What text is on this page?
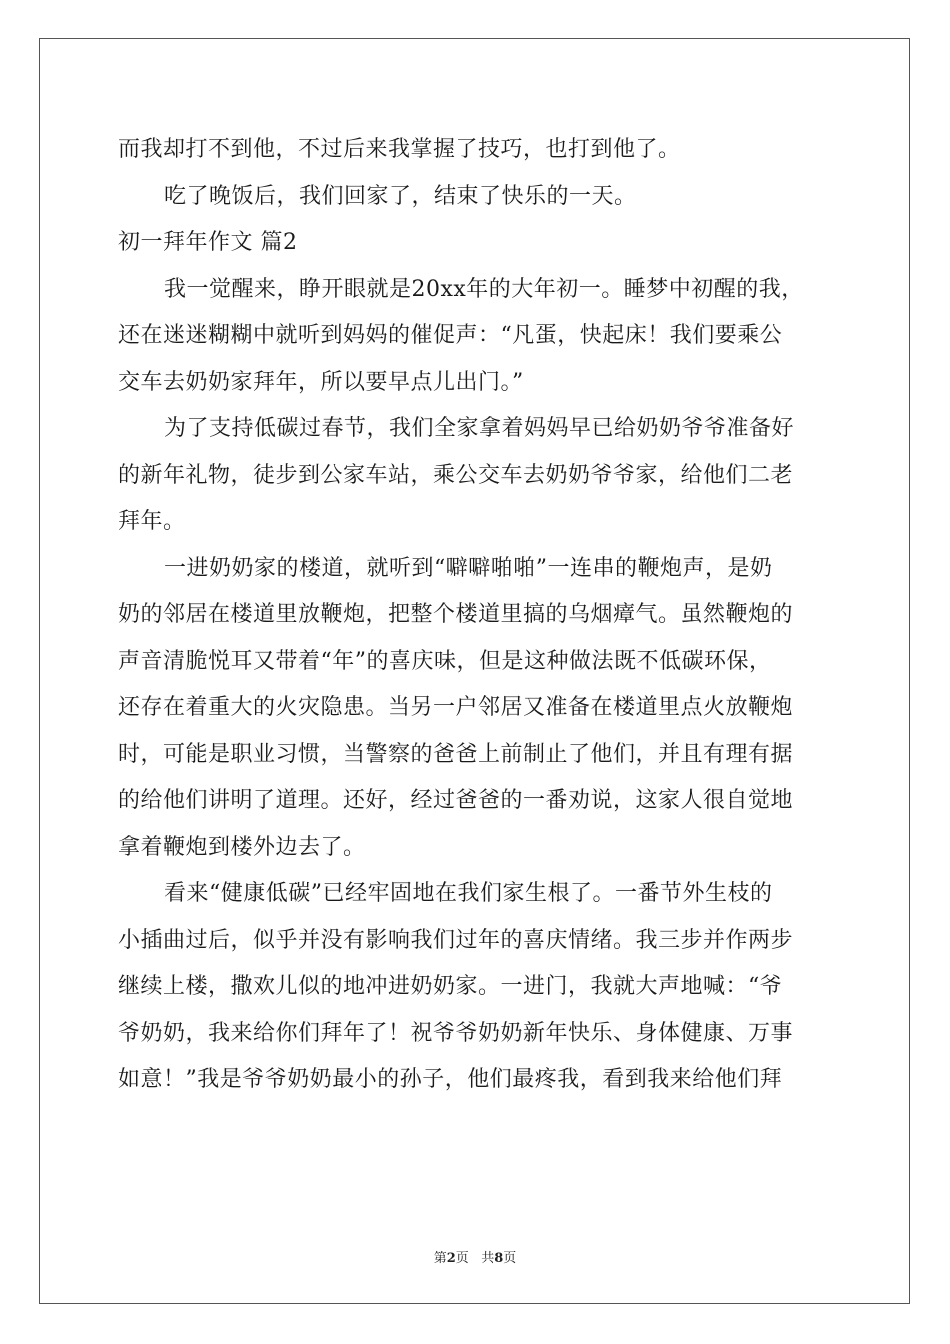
而我却打不到他，不过后来我掌握了技巧，也打到他了。
吃了晚饭后，我们回家了，结束了快乐的一天。
初一拜年作文 篇2
我一觉醒来，睁开眼就是20xx年的大年初一。睡梦中初醒的我，
还在迷迷糊糊中就听到妈妈的催促声：“凡蛋，快起床！我们要乘公
交车去奶奶家拜年，所以要早点儿出门。”
为了支持低碳过春节，我们全家拿着妈妈早已给奶奶爷爷准备好
的新年礼物，徒步到公家车站，乘公交车去奶奶爷爷家，给他们二老
拜年。
一进奶奶家的楼道，就听到“噼噼啪啪”一连串的鞭炮声，是奶
奶的邻居在楼道里放鞭炮，把整个楼道里搞的乌烟瘴气。虽然鞭炮的
声音清脆悦耳又带着“年”的喜庆味，但是这种做法既不低碳环保，
还存在着重大的火灾隐患。当另一户邻居又准备在楼道里点火放鞭炮
时，可能是职业习惯，当警察的爸爸上前制止了他们，并且有理有据
的给他们讲明了道理。还好，经过爸爸的一番劝说，这家人很自觉地
拿着鞭炮到楼外边去了。
看来“健康低碳”已经牢固地在我们家生根了。一番节外生枝的
小插曲过后，似乎并没有影响我们过年的喜庆情绪。我三步并作两步
继续上楼，撒欢儿似的地冲进奶奶家。一进门，我就大声地喊：“爷
爷奶奶，我来给你们拜年了！祝爷爷奶奶新年快乐、身体健康、万事
如意！”我是爷爷奶奶最小的孙子，他们最疼我，看到我来给他们拜
第2页 共8页
